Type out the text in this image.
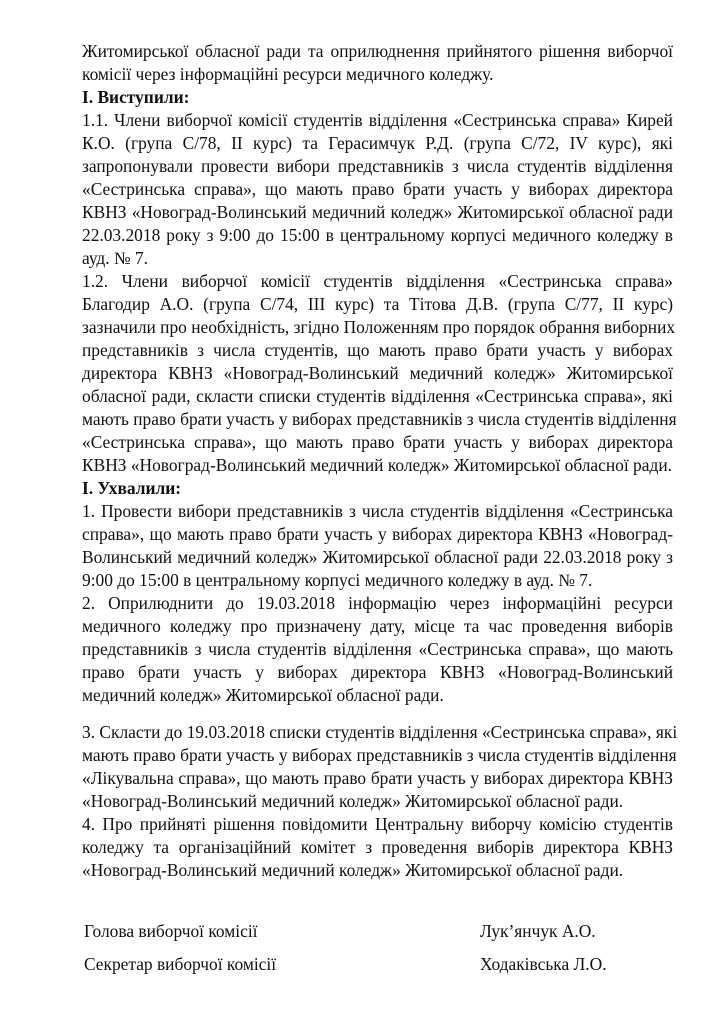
Житомирської обласної ради та оприлюднення прийнятого рішення виборчої
комісії через інформаційні ресурси медичного коледжу.
І. Виступили:
1.1. Члени виборчої комісії студентів відділення «Сестринська справа» Кирей
К.О. (група С/78, ІІ курс) та Герасимчук Р.Д. (група С/72, IV курс), які
запропонували провести вибори представників з числа студентів відділення
«Сестринська справа», що мають право брати участь у виборах директора
КВНЗ «Новоград-Волинський медичний коледж» Житомирської обласної ради
22.03.2018 року з 9:00 до 15:00 в центральному корпусі медичного коледжу в
ауд. № 7.
1.2. Члени виборчої комісії студентів відділення «Сестринська справа»
Благодир А.О. (група С/74, ІІІ курс) та Тітова Д.В. (група С/77, ІІ курс)
зазначили про необхідність, згідно Положенням про порядок обрання виборних
представників з числа студентів, що мають право брати участь у виборах
директора КВНЗ «Новоград-Волинський медичний коледж» Житомирської
обласної ради, скласти списки студентів відділення «Сестринська справа», які
мають право брати участь у виборах представників з числа студентів відділення
«Сестринська справа», що мають право брати участь у виборах директора
КВНЗ «Новоград-Волинський медичний коледж» Житомирської обласної ради.
І. Ухвалили:
1. Провести вибори представників з числа студентів відділення «Сестринська
справа», що мають право брати участь у виборах директора КВНЗ «Новоград-
Волинський медичний коледж» Житомирської обласної ради 22.03.2018 року з
9:00 до 15:00 в центральному корпусі медичного коледжу в ауд. № 7.
2. Оприлюднити до 19.03.2018 інформацію через інформаційні ресурси
медичного коледжу про призначену дату, місце та час проведення виборів
представників з числа студентів відділення «Сестринська справа», що мають
право брати участь у виборах директора КВНЗ «Новоград-Волинський
медичний коледж» Житомирської обласної ради.
3. Скласти до 19.03.2018 списки студентів відділення «Сестринська справа», які
мають право брати участь у виборах представників з числа студентів відділення
«Лікувальна справа», що мають право брати участь у виборах директора КВНЗ
«Новоград-Волинський медичний коледж» Житомирської обласної ради.
4. Про прийняті рішення повідомити Центральну виборчу комісію студентів
коледжу та організаційний комітет з проведення виборів директора КВНЗ
«Новоград-Волинський медичний коледж» Житомирської обласної ради.
Голова виборчої комісії	Лук’янчук А.О.
Секретар виборчої комісії	Ходаківська Л.О.
